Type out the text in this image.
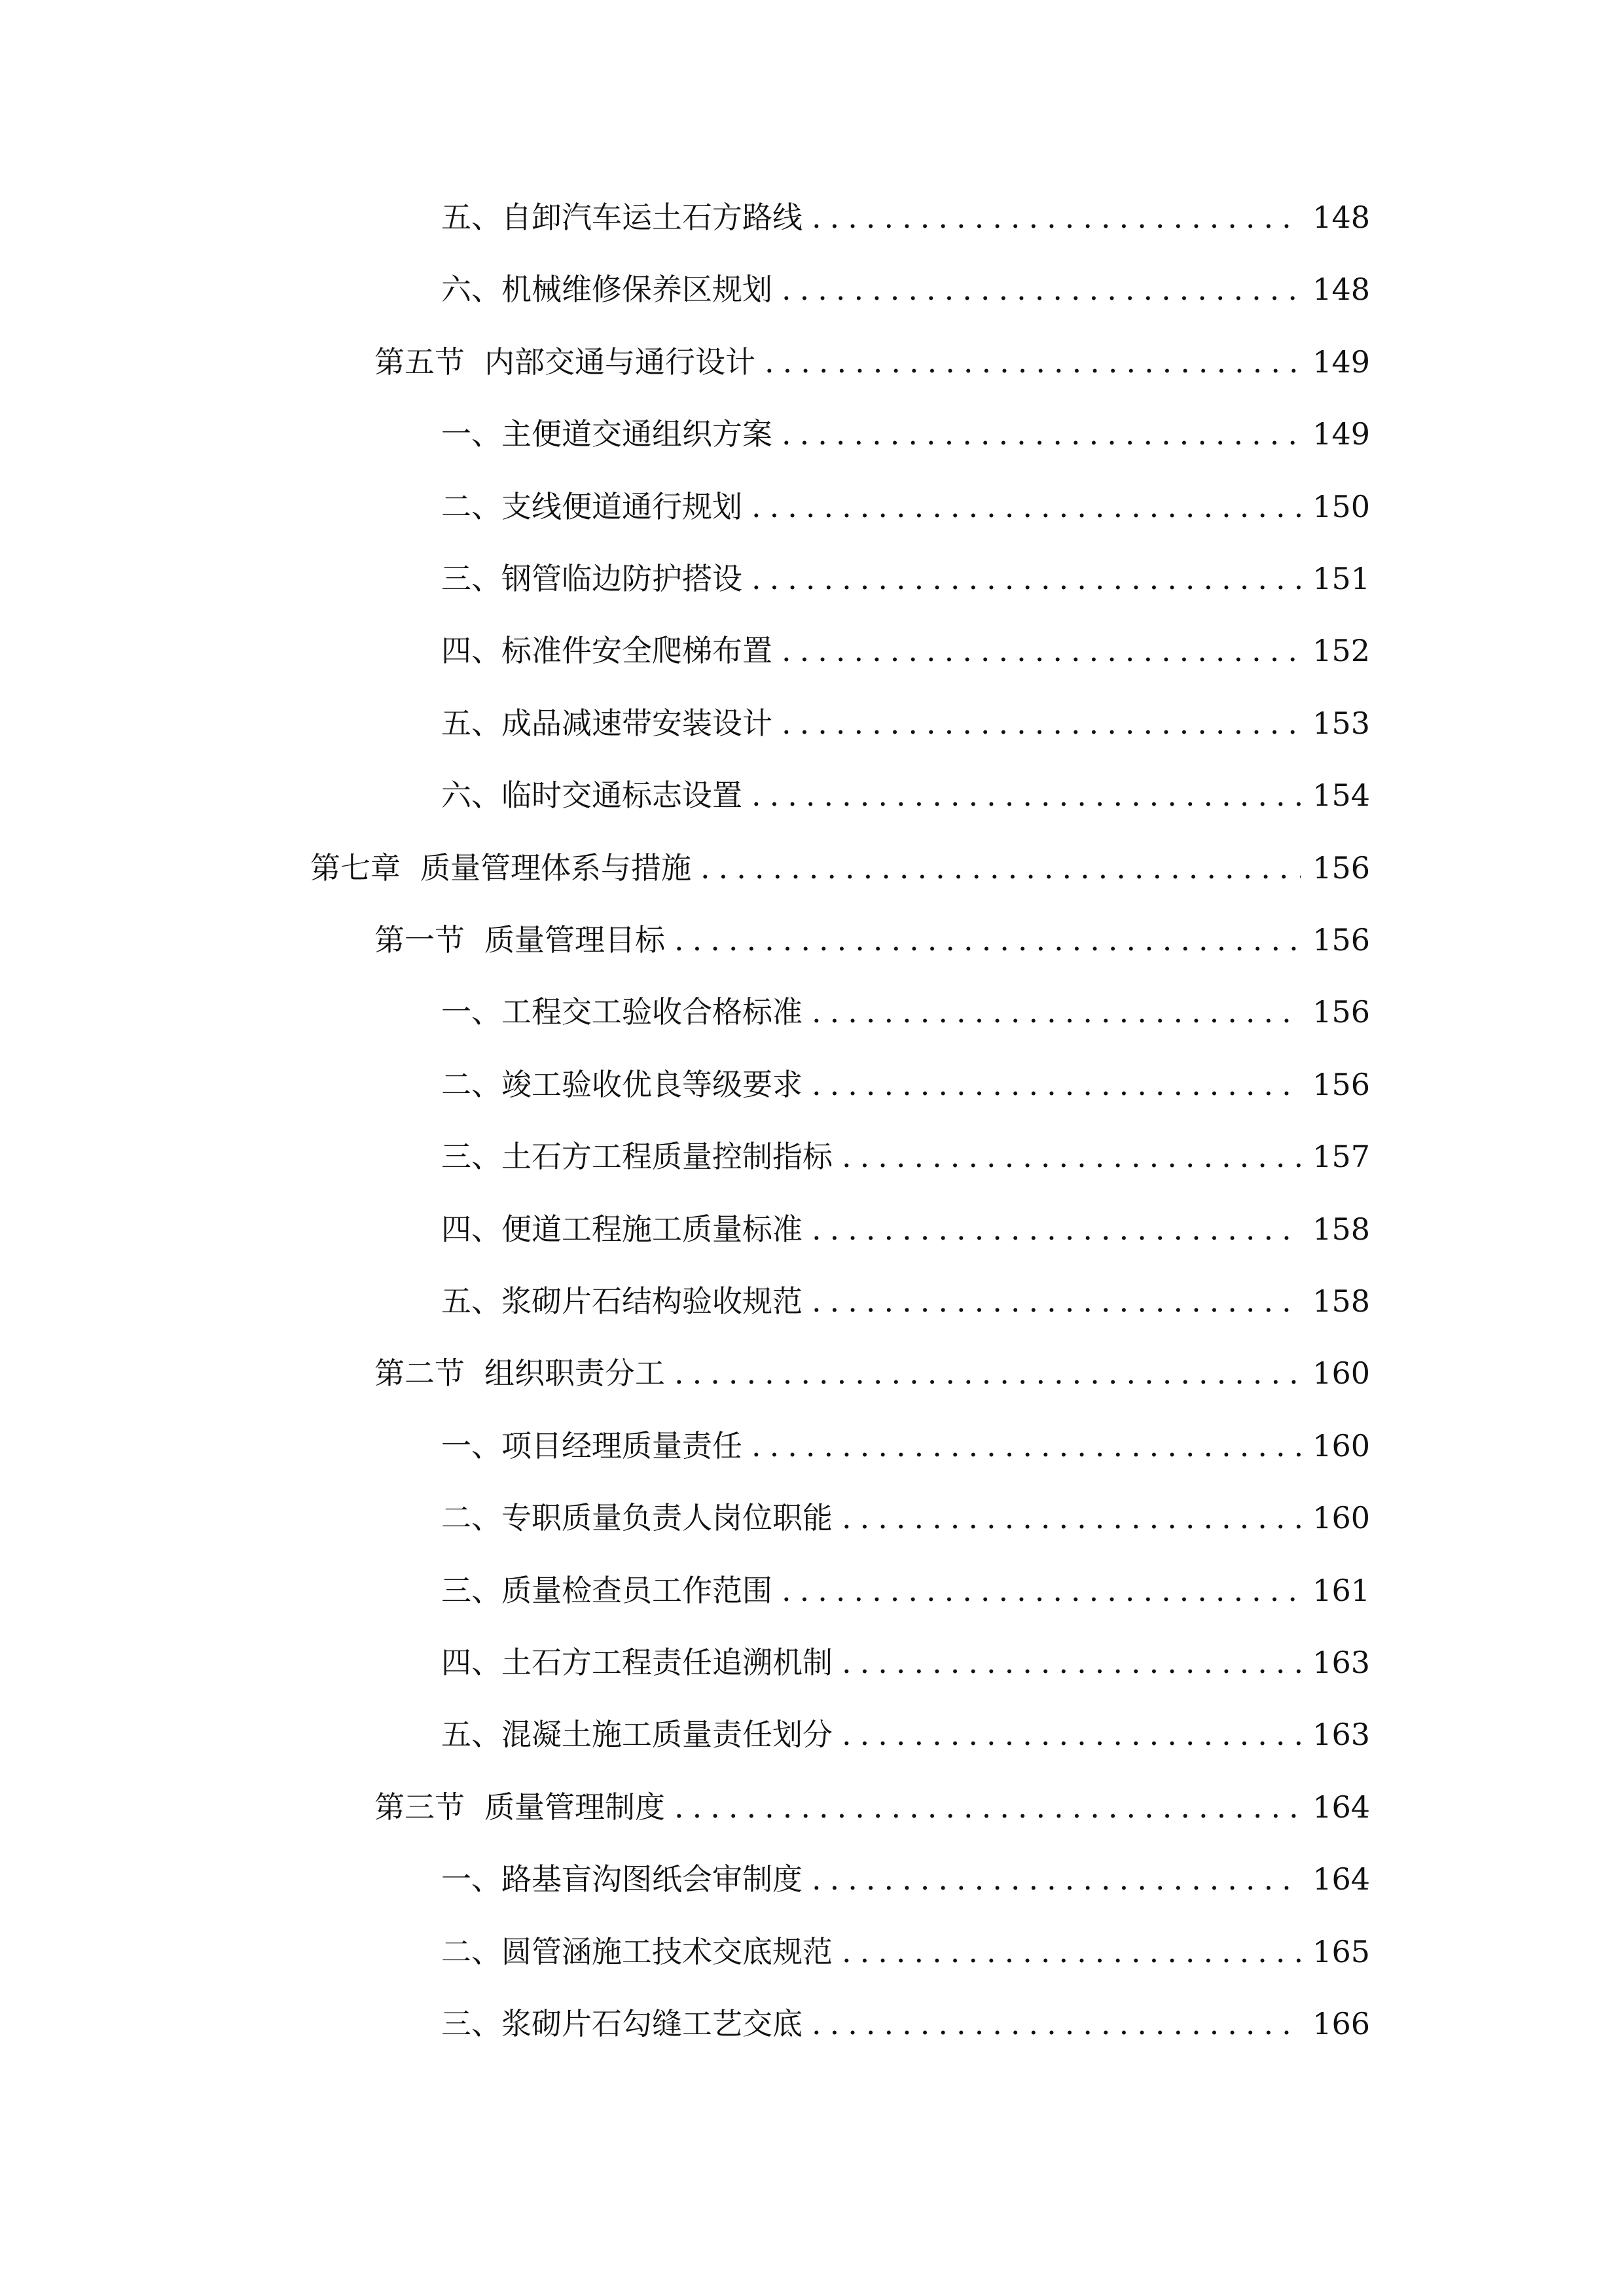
五、 自卸汽车运土石方路线 .....	148
六、 机械维修保养区规划 .....	148
第五节 内部交通与通行设计 .....	149
一、 主便道交通组织方案 .....	149
二、 支线便道通行规划 .....	150
三、 钢管临边防护搭设 .....	151
四、 标准件安全爬梯布置 .....	152
五、 成品减速带安装设计 .....	153
六、 临时交通标志设置 .....	154
第七章 质量管理体系与措施 .....	156
第一节 质量管理目标 .....	156
一、 工程交工验收合格标准 .....	156
二、 竣工验收优良等级要求 .....	156
三、 土石方工程质量控制指标 .....	157
四、 便道工程施工质量标准 .....	158
五、 浆砌片石结构验收规范 .....	158
第二节 组织职责分工 .....	160
一、 项目经理质量责任 .....	160
二、 专职质量负责人岗位职能 .....	160
三、 质量检查员工作范围 .....	161
四、 土石方工程责任追溯机制 .....	163
五、 混凝土施工质量责任划分 .....	163
第三节 质量管理制度 .....	164
一、 路基盲沟图纸会审制度 .....	164
二、 圆管涵施工技术交底规范 .....	165
三、 浆砌片石勾缝工艺交底 .....	166
